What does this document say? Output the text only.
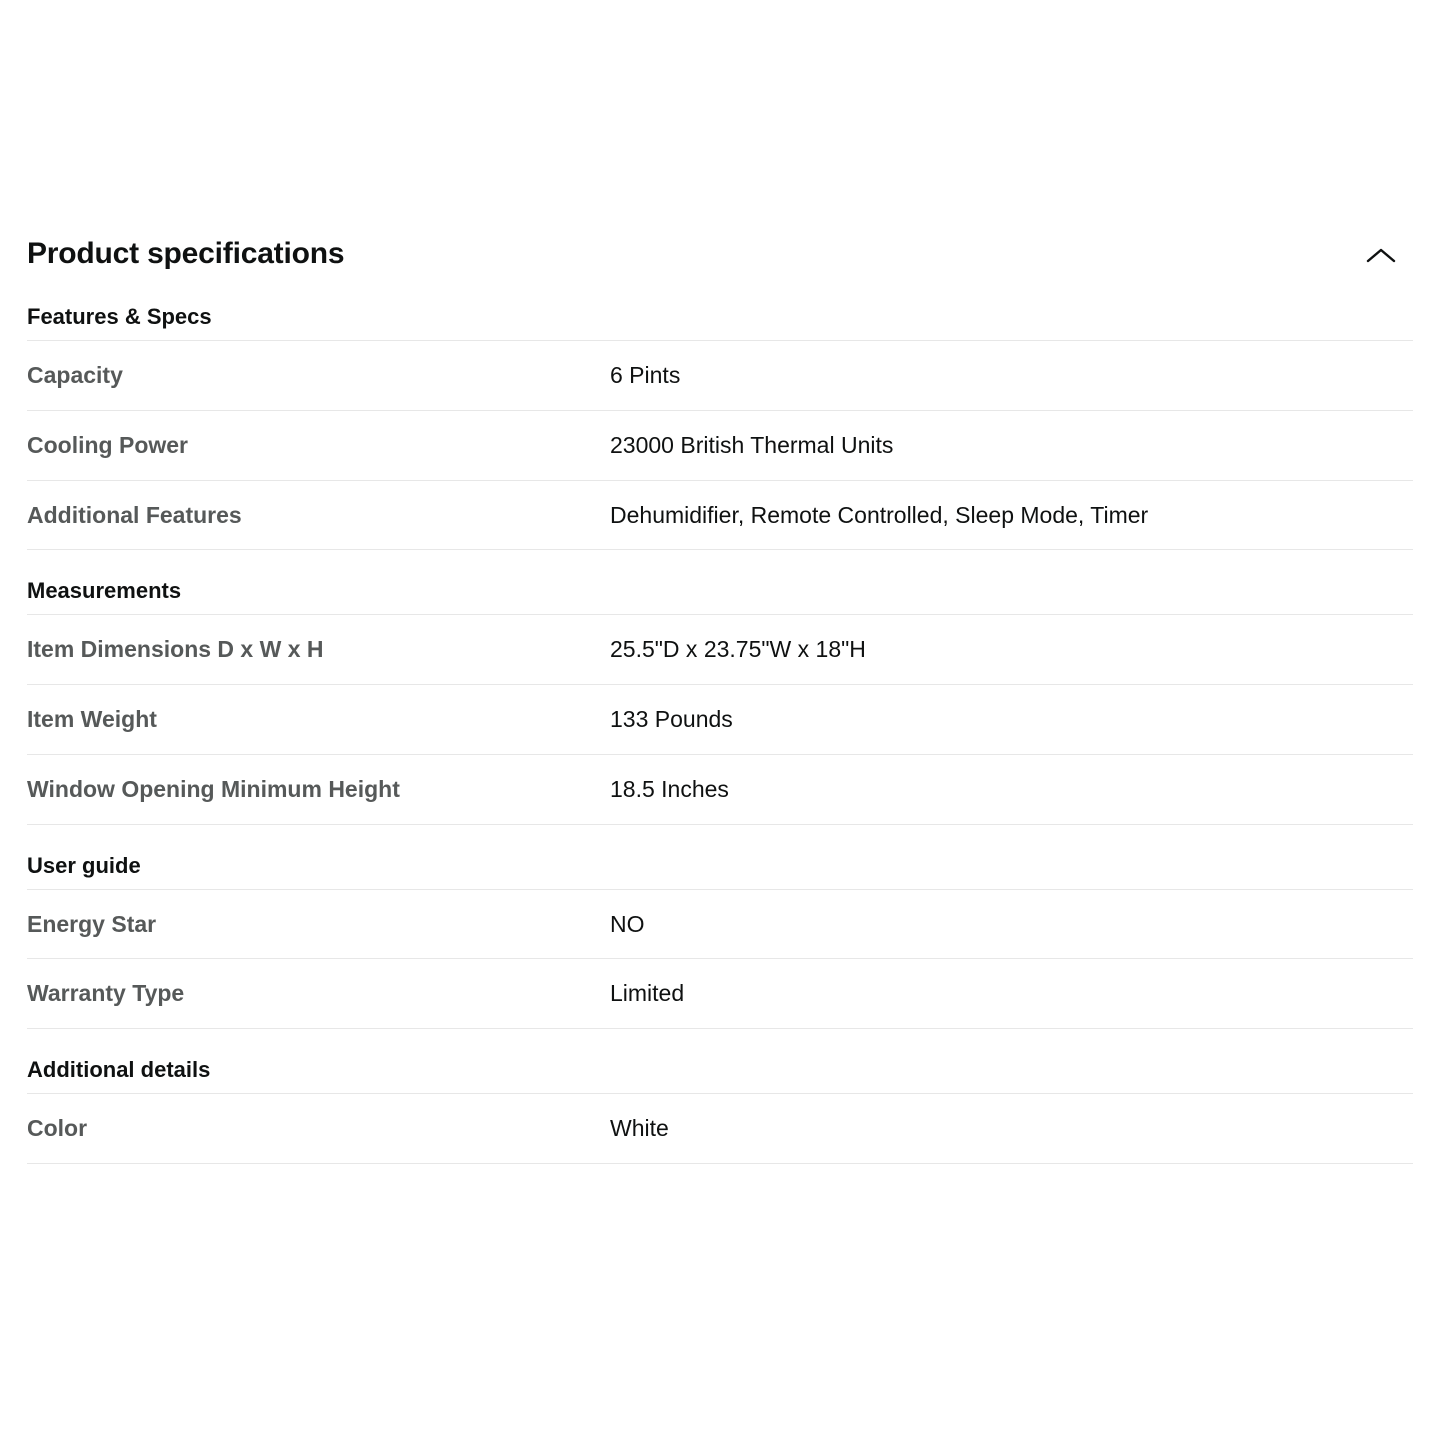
Product specifications
Features & Specs
Capacity	6 Pints
Cooling Power	23000 British Thermal Units
Additional Features	Dehumidifier, Remote Controlled, Sleep Mode, Timer
Measurements
Item Dimensions D x W x H	25.5"D x 23.75"W x 18"H
Item Weight	133 Pounds
Window Opening Minimum Height	18.5 Inches
User guide
Energy Star	NO
Warranty Type	Limited
Additional details
Color	White
